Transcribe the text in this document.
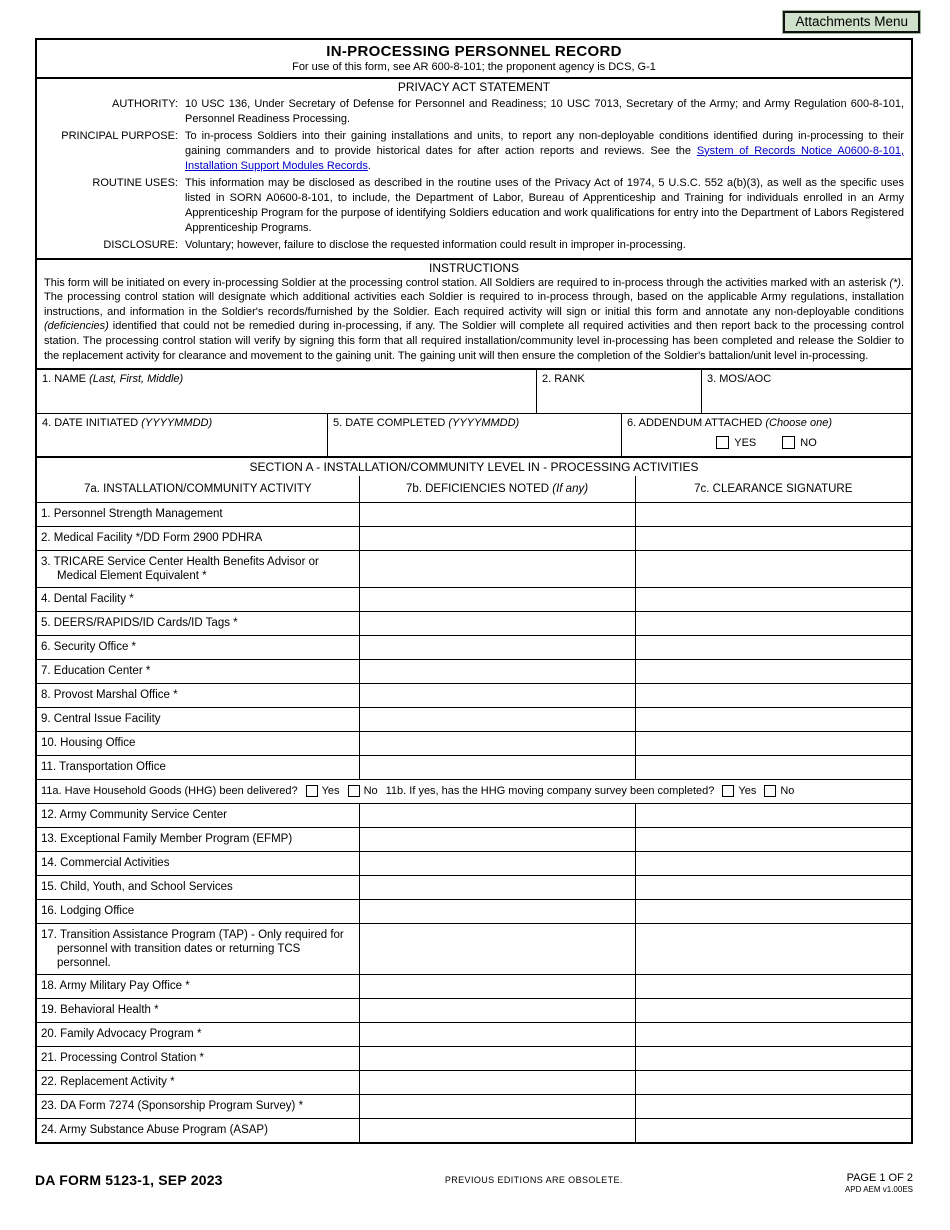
Attachments Menu
IN-PROCESSING PERSONNEL RECORD
For use of this form, see AR 600-8-101; the proponent agency is DCS, G-1
PRIVACY ACT STATEMENT
AUTHORITY: 10 USC 136, Under Secretary of Defense for Personnel and Readiness; 10 USC 7013, Secretary of the Army; and Army Regulation 600-8-101, Personnel Readiness Processing.
PRINCIPAL PURPOSE: To in-process Soldiers into their gaining installations and units, to report any non-deployable conditions identified during in-processing to their gaining commanders and to provide historical dates for after action reports and reviews. See the System of Records Notice A0600-8-101, Installation Support Modules Records.
ROUTINE USES: This information may be disclosed as described in the routine uses of the Privacy Act of 1974, 5 U.S.C. 552 a(b)(3), as well as the specific uses listed in SORN A0600-8-101, to include, the Department of Labor, Bureau of Apprenticeship and Training for individuals enrolled in an Army Apprenticeship Program for the purpose of identifying Soldiers education and work qualifications for entry into the Department of Labors Registered Apprenticeship Programs.
DISCLOSURE: Voluntary; however, failure to disclose the requested information could result in improper in-processing.
INSTRUCTIONS
This form will be initiated on every in-processing Soldier at the processing control station. All Soldiers are required to in-process through the activities marked with an asterisk (*). The processing control station will designate which additional activities each Soldier is required to in-process through, based on the applicable Army regulations, installation instructions, and information in the Soldier's records/furnished by the Soldier. Each required activity will sign or initial this form and annotate any non-deployable conditions (deficiencies) identified that could not be remedied during in-processing, if any. The Soldier will complete all required activities and then report back to the processing control station. The processing control station will verify by signing this form that all required installation/community level in-processing has been completed and release the Soldier to the replacement activity for clearance and movement to the gaining unit. The gaining unit will then ensure the completion of the Soldier's battalion/unit level in-processing.
1. NAME (Last, First, Middle)	2. RANK	3. MOS/AOC
4. DATE INITIATED (YYYYMMDD)	5. DATE COMPLETED (YYYYMMDD)	6. ADDENDUM ATTACHED (Choose one)
YES	NO
SECTION A - INSTALLATION/COMMUNITY LEVEL IN - PROCESSING ACTIVITIES
7a. INSTALLATION/COMMUNITY ACTIVITY	7b. DEFICIENCIES NOTED (If any)	7c. CLEARANCE SIGNATURE

1. Personnel Strength Management		

2. Medical Facility */DD Form 2900 PDHRA		

3. TRICARE Service Center Health Benefits Advisor or Medical Element Equivalent *		

4. Dental Facility *		

5. DEERS/RAPIDS/ID Cards/ID Tags *		

6. Security Office *		

7. Education Center *		

8. Provost Marshal Office *		

9. Central Issue Facility		

10. Housing Office		

11. Transportation Office		

11a. Have Household Goods (HHG) been delivered? Yes No 11b. If yes, has the HHG moving company survey been completed? Yes No

12. Army Community Service Center		

13. Exceptional Family Member Program (EFMP)		

14. Commercial Activities		

15. Child, Youth, and School Services		

16. Lodging Office		

17. Transition Assistance Program (TAP) - Only required for personnel with transition dates or returning TCS personnel.		

18. Army Military Pay Office *		

19. Behavioral Health *		

20. Family Advocacy Program *		

21. Processing Control Station *		

22. Replacement Activity *		

23. DA Form 7274 (Sponsorship Program Survey) *		

24. Army Substance Abuse Program (ASAP)		

DA FORM 5123-1, SEP 2023	PREVIOUS EDITIONS ARE OBSOLETE.	PAGE 1 OF 2
APD AEM v1.00ES
